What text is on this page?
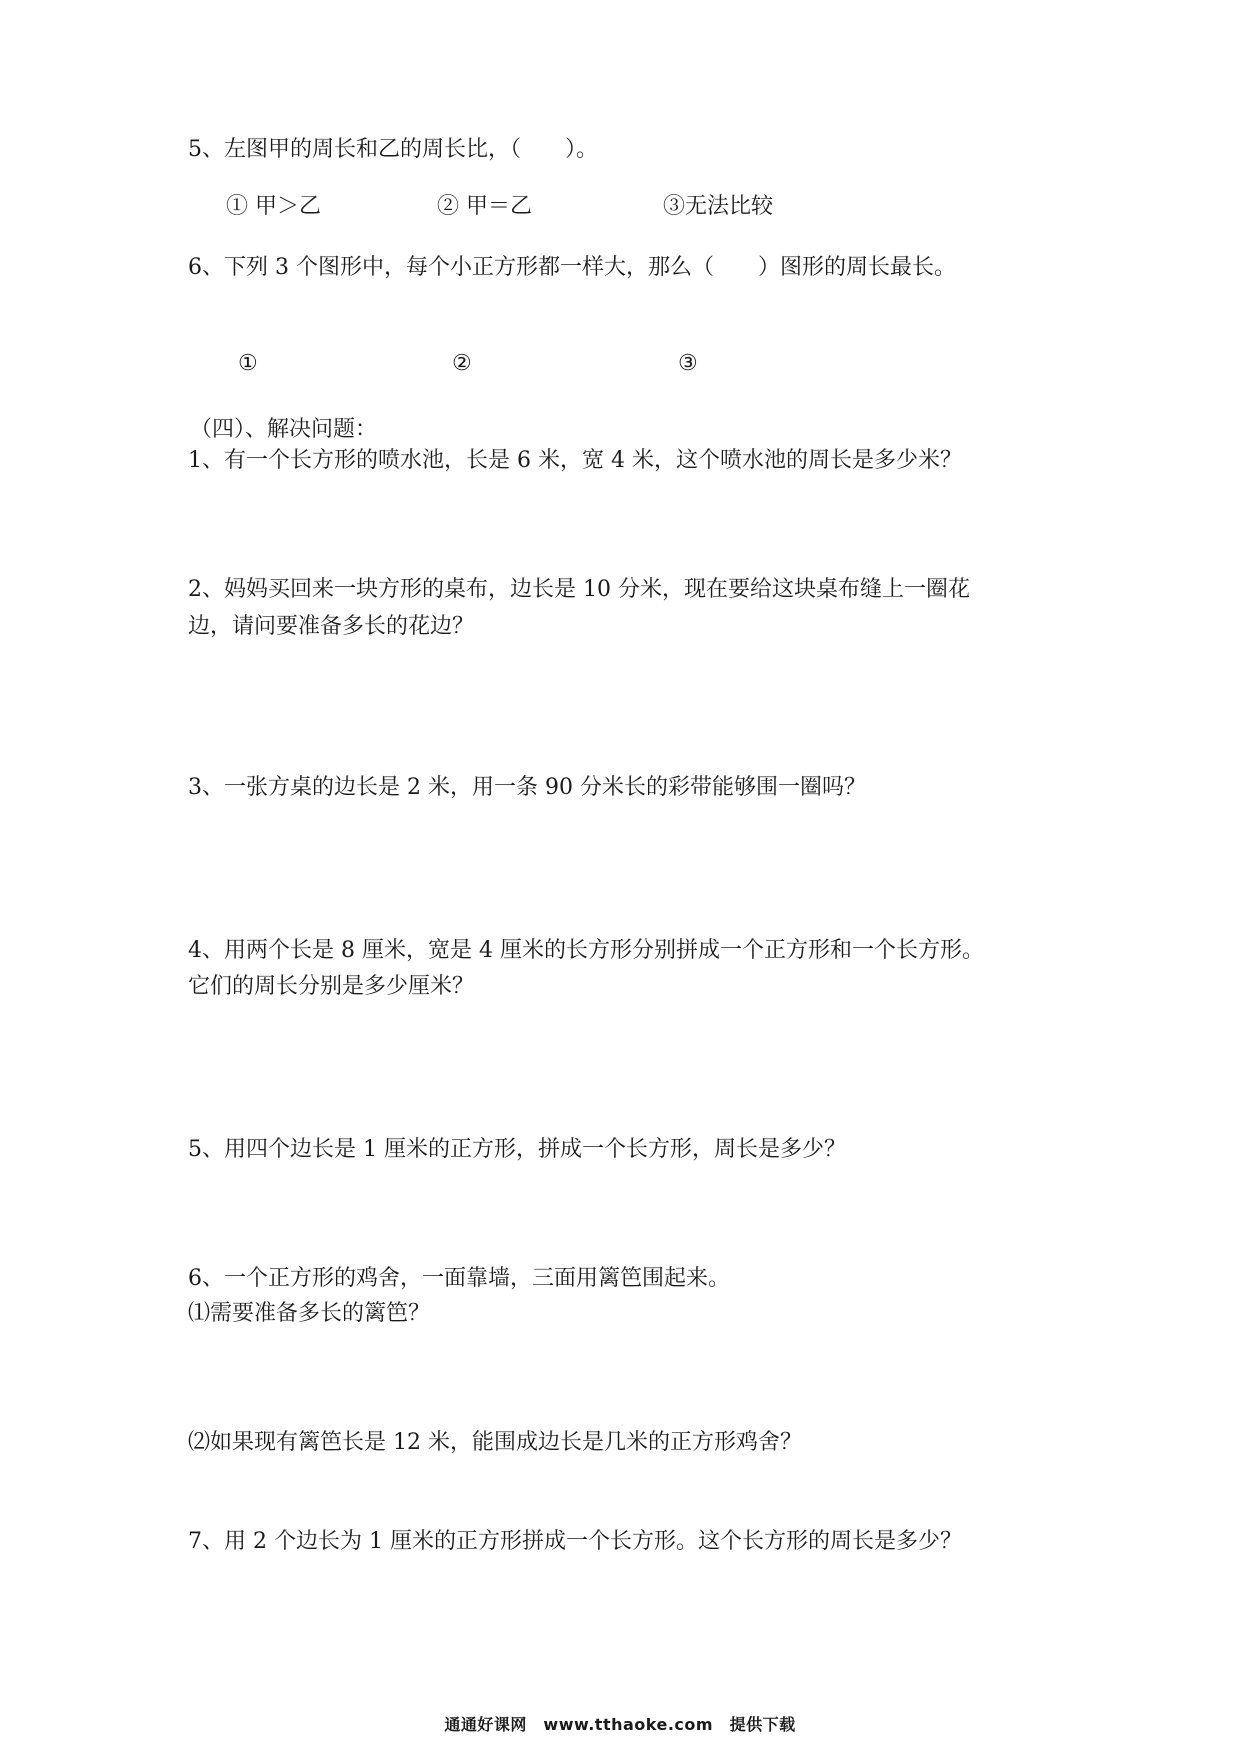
5、左图甲的周长和乙的周长比，（　　）。
① 甲＞乙	② 甲＝乙	③无法比较
6、下列 3 个图形中，每个小正方形都一样大，那么（　　）图形的周长最长。
①	②	③
（四）、解决问题：
1、有一个长方形的喷水池，长是 6 米，宽 4 米，这个喷水池的周长是多少米？
2、妈妈买回来一块方形的桌布，边长是 10 分米，现在要给这块桌布缝上一圈花
边，请问要准备多长的花边？
3、一张方桌的边长是 2 米，用一条 90 分米长的彩带能够围一圈吗？
4、用两个长是 8 厘米，宽是 4 厘米的长方形分别拼成一个正方形和一个长方形。
它们的周长分别是多少厘米？
5、用四个边长是 1 厘米的正方形，拼成一个长方形，周长是多少？
6、一个正方形的鸡舍，一面靠墙，三面用篱笆围起来。
⑴需要准备多长的篱笆？
⑵如果现有篱笆长是 12 米，能围成边长是几米的正方形鸡舍？
7、用 2 个边长为 1 厘米的正方形拼成一个长方形。这个长方形的周长是多少？
通通好课网　www.tthaoke.com　提供下载
